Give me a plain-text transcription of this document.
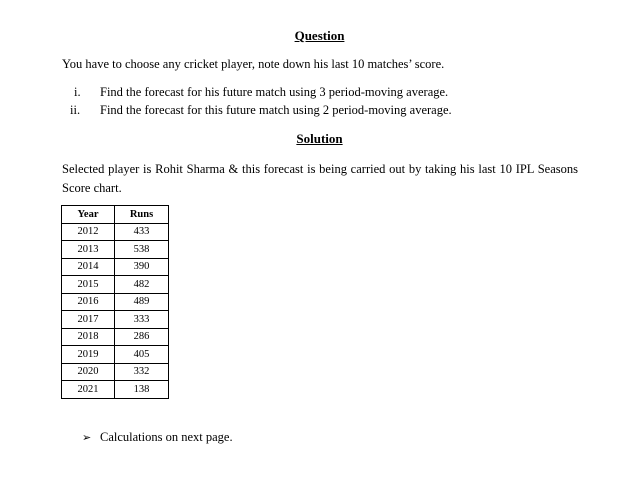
Question
You have to choose any cricket player, note down his last 10 matches’ score.
i.	Find the forecast for his future match using 3 period-moving average.
ii.	Find the forecast for this future match using 2 period-moving average.
Solution
Selected player is Rohit Sharma & this forecast is being carried out by taking his last 10 IPL Seasons Score chart.
Year	Runs
2012	433
2013	538
2014	390
2015	482
2016	489
2017	333
2018	286
2019	405
2020	332
2021	138
➢ Calculations on next page.
